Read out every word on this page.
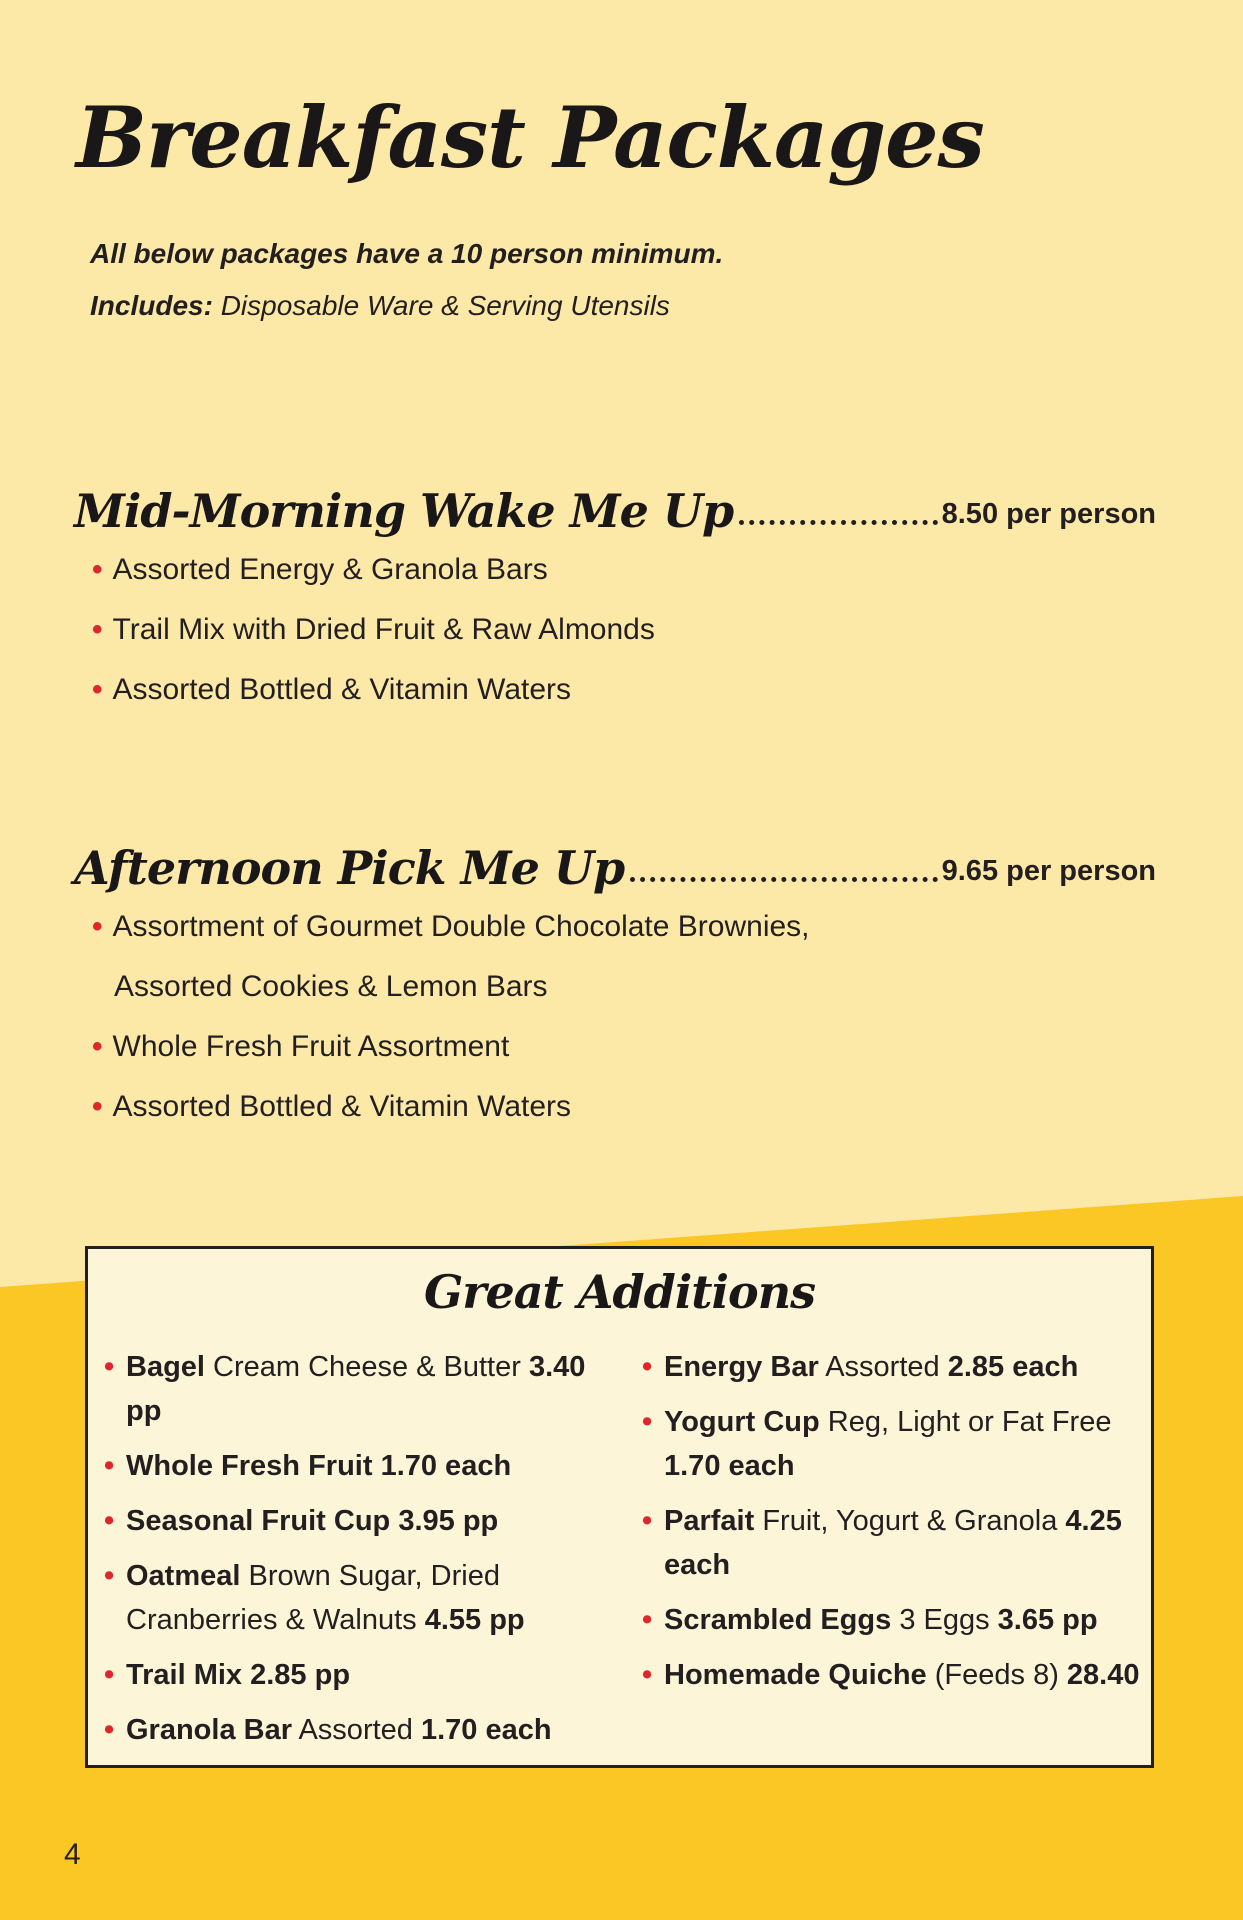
Breakfast Packages
All below packages have a 10 person minimum.
Includes: Disposable Ware & Serving Utensils
Mid-Morning Wake Me Up	8.50 per person
• Assorted Energy & Granola Bars
• Trail Mix with Dried Fruit & Raw Almonds
• Assorted Bottled & Vitamin Waters
Afternoon Pick Me Up	9.65 per person
• Assortment of Gourmet Double Chocolate Brownies,
Assorted Cookies & Lemon Bars
• Whole Fresh Fruit Assortment
• Assorted Bottled & Vitamin Waters
Great Additions
• Bagel Cream Cheese & Butter 3.40 pp
• Whole Fresh Fruit 1.70 each
• Seasonal Fruit Cup 3.95 pp
• Oatmeal Brown Sugar, Dried Cranberries & Walnuts 4.55 pp
• Trail Mix 2.85 pp
• Granola Bar Assorted 1.70 each
• Energy Bar Assorted 2.85 each
• Yogurt Cup Reg, Light or Fat Free 1.70 each
• Parfait Fruit, Yogurt & Granola 4.25 each
• Scrambled Eggs 3 Eggs 3.65 pp
• Homemade Quiche (Feeds 8) 28.40
4
